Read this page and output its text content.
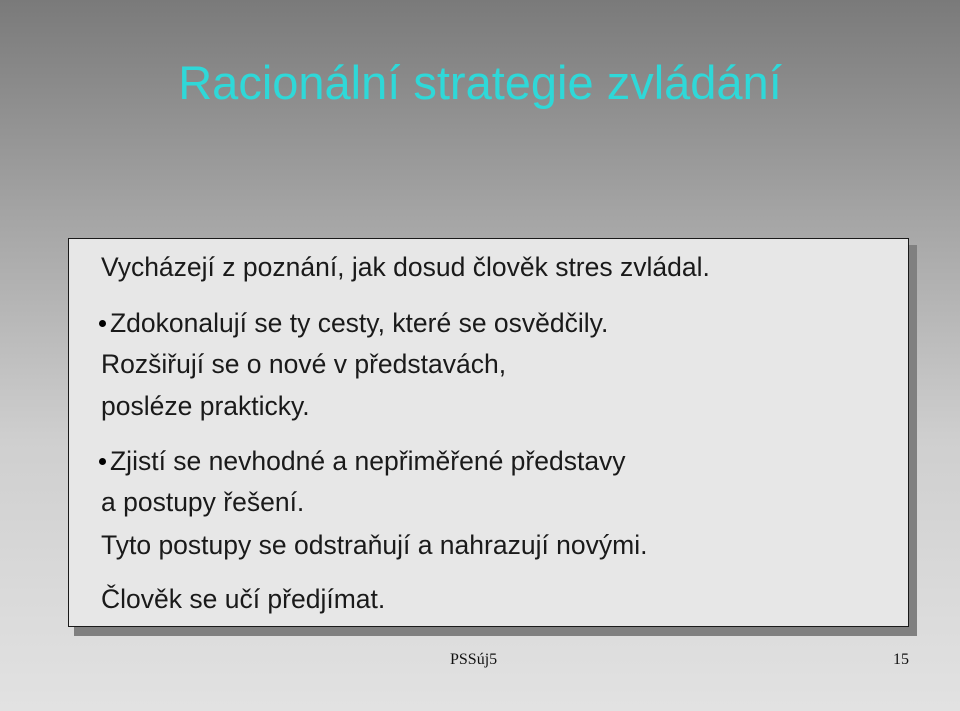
Racionální strategie zvládání
Vycházejí z poznání, jak dosud člověk stres zvládal.
Zdokonalují se ty cesty, které se osvědčily.
Rozšiřují se o nové v představách,
posléze prakticky.
Zjistí se nevhodné a nepřiměřené představy
a postupy řešení.
Tyto postupy se odstraňují a nahrazují novými.
Člověk se učí předjímat.
PSSúj5	15
